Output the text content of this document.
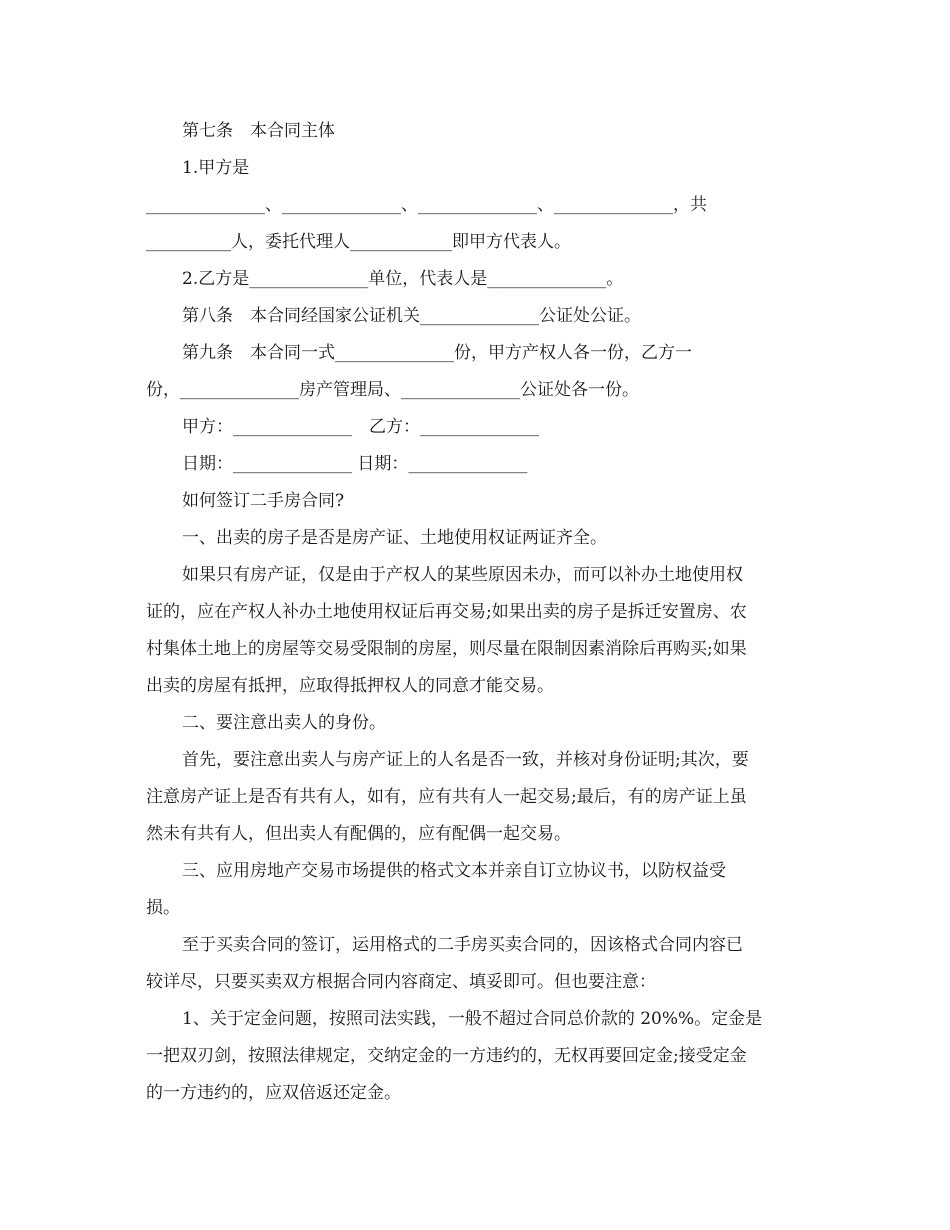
第七条　本合同主体
1.甲方是
______________、______________、______________、______________，共
__________人，委托代理人____________即甲方代表人。
2.乙方是______________单位，代表人是______________。
第八条　本合同经国家公证机关______________公证处公证。
第九条　本合同一式______________份，甲方产权人各一份，乙方一
份，______________房产管理局、______________公证处各一份。
甲方：______________　乙方：______________
日期：______________ 日期：______________
如何签订二手房合同?
一、出卖的房子是否是房产证、土地使用权证两证齐全。
如果只有房产证，仅是由于产权人的某些原因未办，而可以补办土地使用权
证的，应在产权人补办土地使用权证后再交易;如果出卖的房子是拆迁安置房、农
村集体土地上的房屋等交易受限制的房屋，则尽量在限制因素消除后再购买;如果
出卖的房屋有抵押，应取得抵押权人的同意才能交易。
二、要注意出卖人的身份。
首先，要注意出卖人与房产证上的人名是否一致，并核对身份证明;其次，要
注意房产证上是否有共有人，如有，应有共有人一起交易;最后，有的房产证上虽
然未有共有人，但出卖人有配偶的，应有配偶一起交易。
三、应用房地产交易市场提供的格式文本并亲自订立协议书，以防权益受
损。
至于买卖合同的签订，运用格式的二手房买卖合同的，因该格式合同内容已
较详尽，只要买卖双方根据合同内容商定、填妥即可。但也要注意：
1、关于定金问题，按照司法实践，一般不超过合同总价款的 20%%。定金是
一把双刃剑，按照法律规定，交纳定金的一方违约的，无权再要回定金;接受定金
的一方违约的，应双倍返还定金。
